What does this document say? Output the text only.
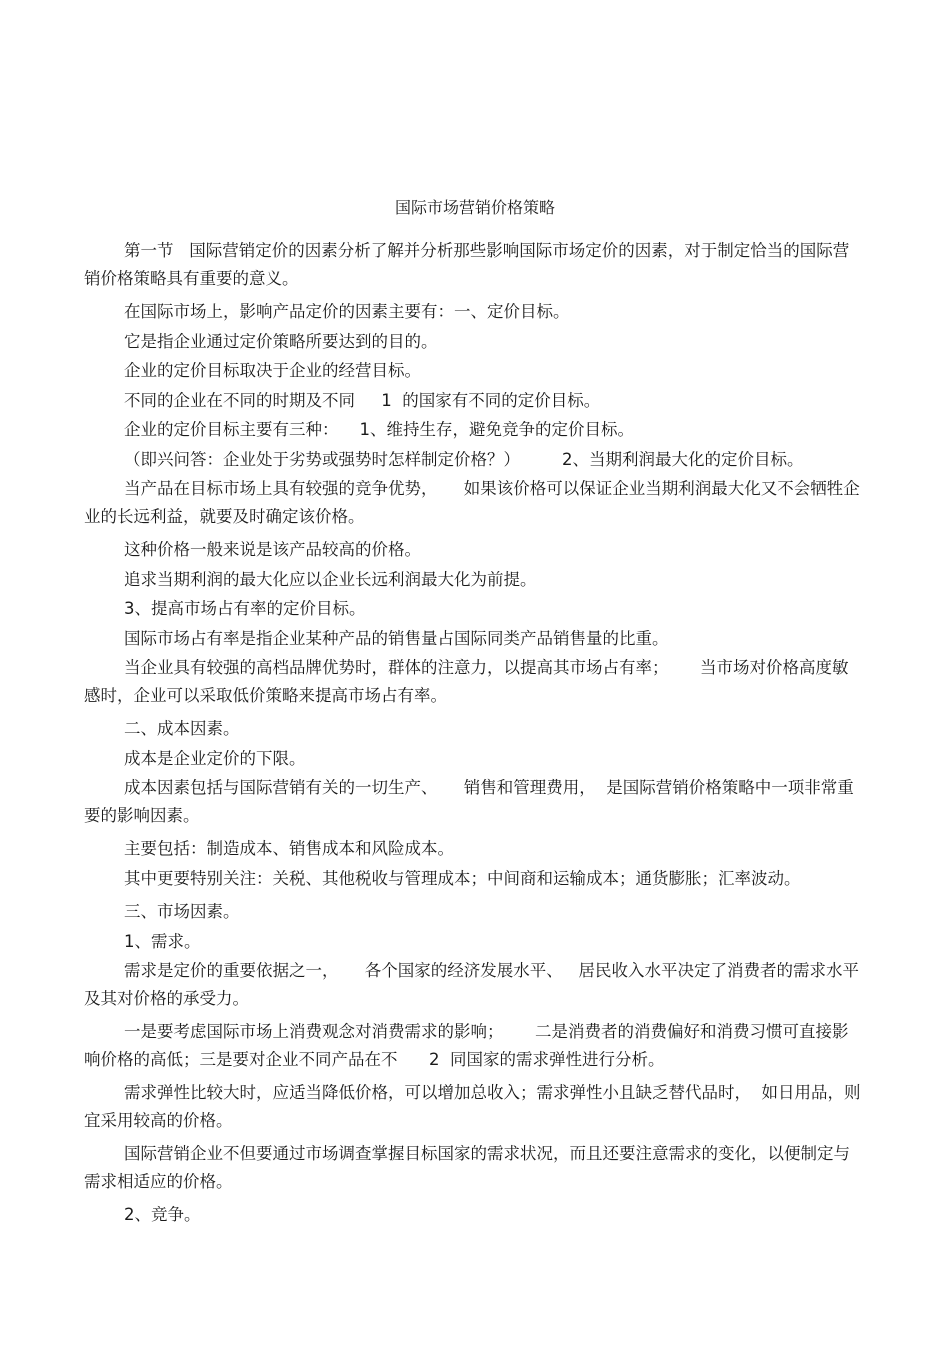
国际市场营销价格策略

第一节   国际营销定价的因素分析了解并分析那些影响国际市场定价的因素，对于制定恰当的国际营销价格策略具有重要的意义。

在国际市场上，影响产品定价的因素主要有：一、定价目标。

它是指企业通过定价策略所要达到的目的。

企业的定价目标取决于企业的经营目标。

不同的企业在不同的时期及不同     1  的国家有不同的定价目标。

企业的定价目标主要有三种：    1、维持生存，避免竞争的定价目标。

（即兴问答：企业处于劣势或强势时怎样制定价格？）        2、当期利润最大化的定价目标。

当产品在目标市场上具有较强的竞争优势，     如果该价格可以保证企业当期利润最大化又不会牺牲企业的长远利益，就要及时确定该价格。

这种价格一般来说是该产品较高的价格。

追求当期利润的最大化应以企业长远利润最大化为前提。

3、提高市场占有率的定价目标。

国际市场占有率是指企业某种产品的销售量占国际同类产品销售量的比重。

当企业具有较强的高档品牌优势时，群体的注意力，以提高其市场占有率；      当市场对价格高度敏感时，企业可以采取低价策略来提高市场占有率。

二、成本因素。

成本是企业定价的下限。

成本因素包括与国际营销有关的一切生产、     销售和管理费用，  是国际营销价格策略中一项非常重要的影响因素。

主要包括：制造成本、销售成本和风险成本。

其中更要特别关注：关税、其他税收与管理成本；中间商和运输成本；通货膨胀；汇率波动。

三、市场因素。

1、需求。

需求是定价的重要依据之一，     各个国家的经济发展水平、   居民收入水平决定了消费者的需求水平及其对价格的承受力。

一是要考虑国际市场上消费观念对消费需求的影响；      二是消费者的消费偏好和消费习惯可直接影响价格的高低；三是要对企业不同产品在不      2  同国家的需求弹性进行分析。

需求弹性比较大时，应适当降低价格，可以增加总收入；需求弹性小且缺乏替代品时，  如日用品，则宜采用较高的价格。

国际营销企业不但要通过市场调查掌握目标国家的需求状况，而且还要注意需求的变化，以便制定与需求相适应的价格。

2、竞争。
